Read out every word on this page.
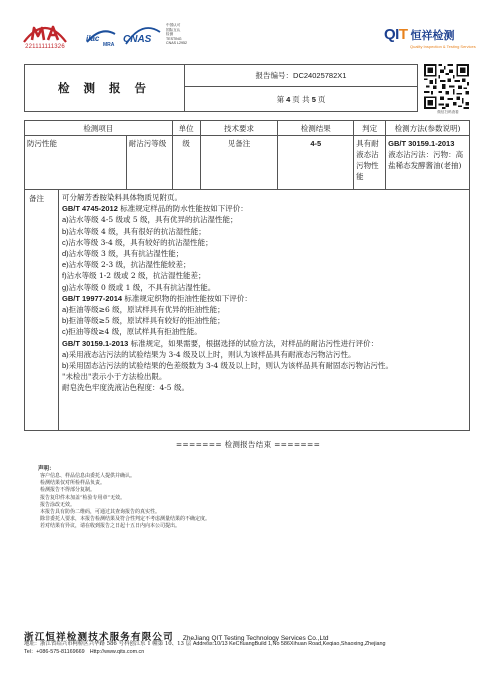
221111111326
ilac
MRA CNAS
中国认可
国际互认
检测
TESTING
CNAS L2952
QIT 恒祥检测
Quality Inspection & Testing Services
检 测 报 告
报告编号： DC24025782X1
第 4 页 共 5 页
微信扫码查看
检测项目		单位	技术要求	检测结果	判定	检测方法(参数说明)
防污性能	耐沾污等级	级	见备注	4-5	具有耐液态沾污物性能	GB/T 30159.1-2013
液态沾污法：污物：高盐稀态发酵酱油(老抽)
备注 可分解芳香胺染料具体物质见附页。
GB/T 4745-2012 标准规定样品的防水性能按如下评价：
a)沾水等级 4-5 级或 5 级，具有优异的抗沾湿性能；
b)沾水等级 4 级，具有很好的抗沾湿性能；
c)沾水等级 3-4 级，具有较好的抗沾湿性能；
d)沾水等级 3 级，具有抗沾湿性能；
e)沾水等级 2-3 级，抗沾湿性能较差；
f)沾水等级 1-2 级或 2 级，抗沾湿性能差；
g)沾水等级 0 级或 1 级，不具有抗沾湿性能。
GB/T 19977-2014 标准规定织物的拒油性能按如下评价：
a)拒油等级≥6 级，原试样具有优异的拒油性能；
b)拒油等级≥5 级，原试样具有较好的拒油性能；
c)拒油等级≥4 级，原试样具有拒油性能。
GB/T 30159.1-2013 标准规定，如果需要，根据选择的试验方法，对样品的耐沾污性进行评价：
a)采用液态沾污法的试验结果为 3-4 级及以上时，则认为该样品具有耐液态污物沾污性。
b)采用固态沾污法的试验结果的色差级数为 3-4 级及以上时，则认为该样品具有耐固态污物沾污性。
"未检出"表示小于方法检出限。
耐皂洗色牢度洗液沾色程度：4-5 级。
======= 检测报告结束 =======
声明：
客户信息、样品信息由委托人提供并确认。
检测结果仅对所检样品负责。
检测报告不得部分复制。
报告复印件未加盖“检验专用章”无效。
报告涂改无效。
本报告具有防伪二维码，可通过其查询报告的真实性。
除非委托人要求，本报告检测结果及符合性判定不考虑测量结果的不确定度。
若对结果有异议，请在收到报告之日起十五日内向本公司提出。
浙江恒祥检测技术服务有限公司 ZheJiang QIT Testing Technology Services Co.,Ltd
地址：浙江省绍兴市柯桥区兴华路 586 号科创江东 1 幢第 10、13 层 Address:10/13 KeChuangBuild 1,No 586Xihuan Road,Keqiao,Shaoxing,Zhejiang
Tel：+086-575-81169669 Http://www.qits.com.cn
